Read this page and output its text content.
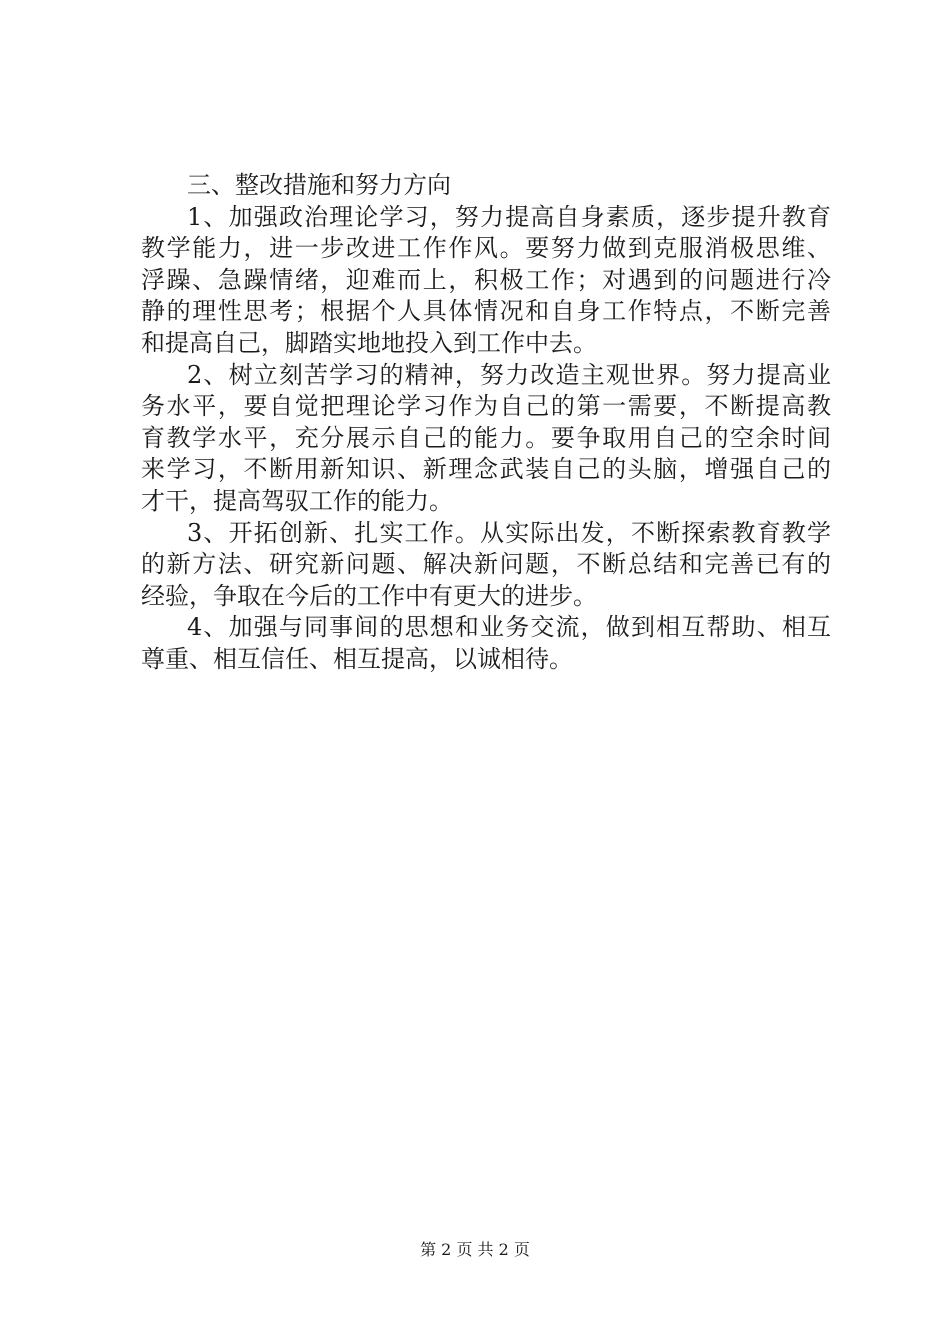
三、整改措施和努力方向
1、加强政治理论学习，努力提高自身素质，逐步提升教育
教学能力，进一步改进工作作风。要努力做到克服消极思维、
浮躁、急躁情绪，迎难而上，积极工作；对遇到的问题进行冷
静的理性思考；根据个人具体情况和自身工作特点，不断完善
和提高自己，脚踏实地地投入到工作中去。
2、树立刻苦学习的精神，努力改造主观世界。努力提高业
务水平，要自觉把理论学习作为自己的第一需要，不断提高教
育教学水平，充分展示自己的能力。要争取用自己的空余时间
来学习，不断用新知识、新理念武装自己的头脑，增强自己的
才干，提高驾驭工作的能力。
3、开拓创新、扎实工作。从实际出发，不断探索教育教学
的新方法、研究新问题、解决新问题，不断总结和完善已有的
经验，争取在今后的工作中有更大的进步。
4、加强与同事间的思想和业务交流，做到相互帮助、相互
尊重、相互信任、相互提高，以诚相待。
第 2 页 共 2 页
